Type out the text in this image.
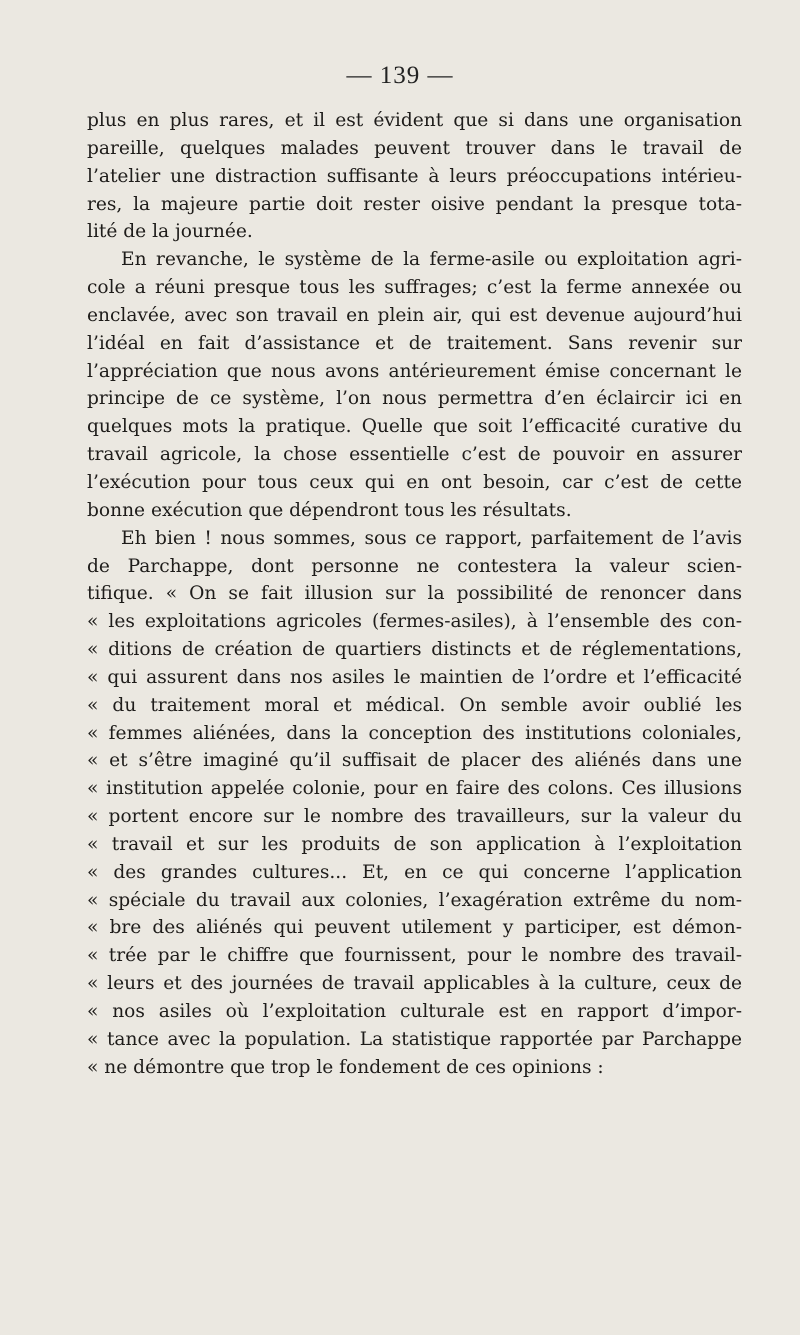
— 139 —
plus en plus rares, et il est évident que si dans une organisation
pareille, quelques malades peuvent trouver dans le travail de
l’atelier une distraction suffisante à leurs préoccupations intérieu-
res, la majeure partie doit rester oisive pendant la presque tota-
lité de la journée.
En revanche, le système de la ferme-asile ou exploitation agri-
cole a réuni presque tous les suffrages; c’est la ferme annexée ou
enclavée, avec son travail en plein air, qui est devenue aujourd’hui
l’idéal en fait d’assistance et de traitement. Sans revenir sur
l’appréciation que nous avons antérieurement émise concernant le
principe de ce système, l’on nous permettra d’en éclaircir ici en
quelques mots la pratique. Quelle que soit l’efficacité curative du
travail agricole, la chose essentielle c’est de pouvoir en assurer
l’exécution pour tous ceux qui en ont besoin, car c’est de cette
bonne exécution que dépendront tous les résultats.
Eh bien ! nous sommes, sous ce rapport, parfaitement de l’avis
de Parchappe, dont personne ne contestera la valeur scien-
tifique. « On se fait illusion sur la possibilité de renoncer dans
« les exploitations agricoles (fermes-asiles), à l’ensemble des con-
« ditions de création de quartiers distincts et de réglementations,
« qui assurent dans nos asiles le maintien de l’ordre et l’efficacité
« du traitement moral et médical. On semble avoir oublié les
« femmes aliénées, dans la conception des institutions coloniales,
« et s’être imaginé qu’il suffisait de placer des aliénés dans une
« institution appelée colonie, pour en faire des colons. Ces illusions
« portent encore sur le nombre des travailleurs, sur la valeur du
« travail et sur les produits de son application à l’exploitation
« des grandes cultures... Et, en ce qui concerne l’application
« spéciale du travail aux colonies, l’exagération extrême du nom-
« bre des aliénés qui peuvent utilement y participer, est démon-
« trée par le chiffre que fournissent, pour le nombre des travail-
« leurs et des journées de travail applicables à la culture, ceux de
« nos asiles où l’exploitation culturale est en rapport d’impor-
« tance avec la population. La statistique rapportée par Parchappe
« ne démontre que trop le fondement de ces opinions :
